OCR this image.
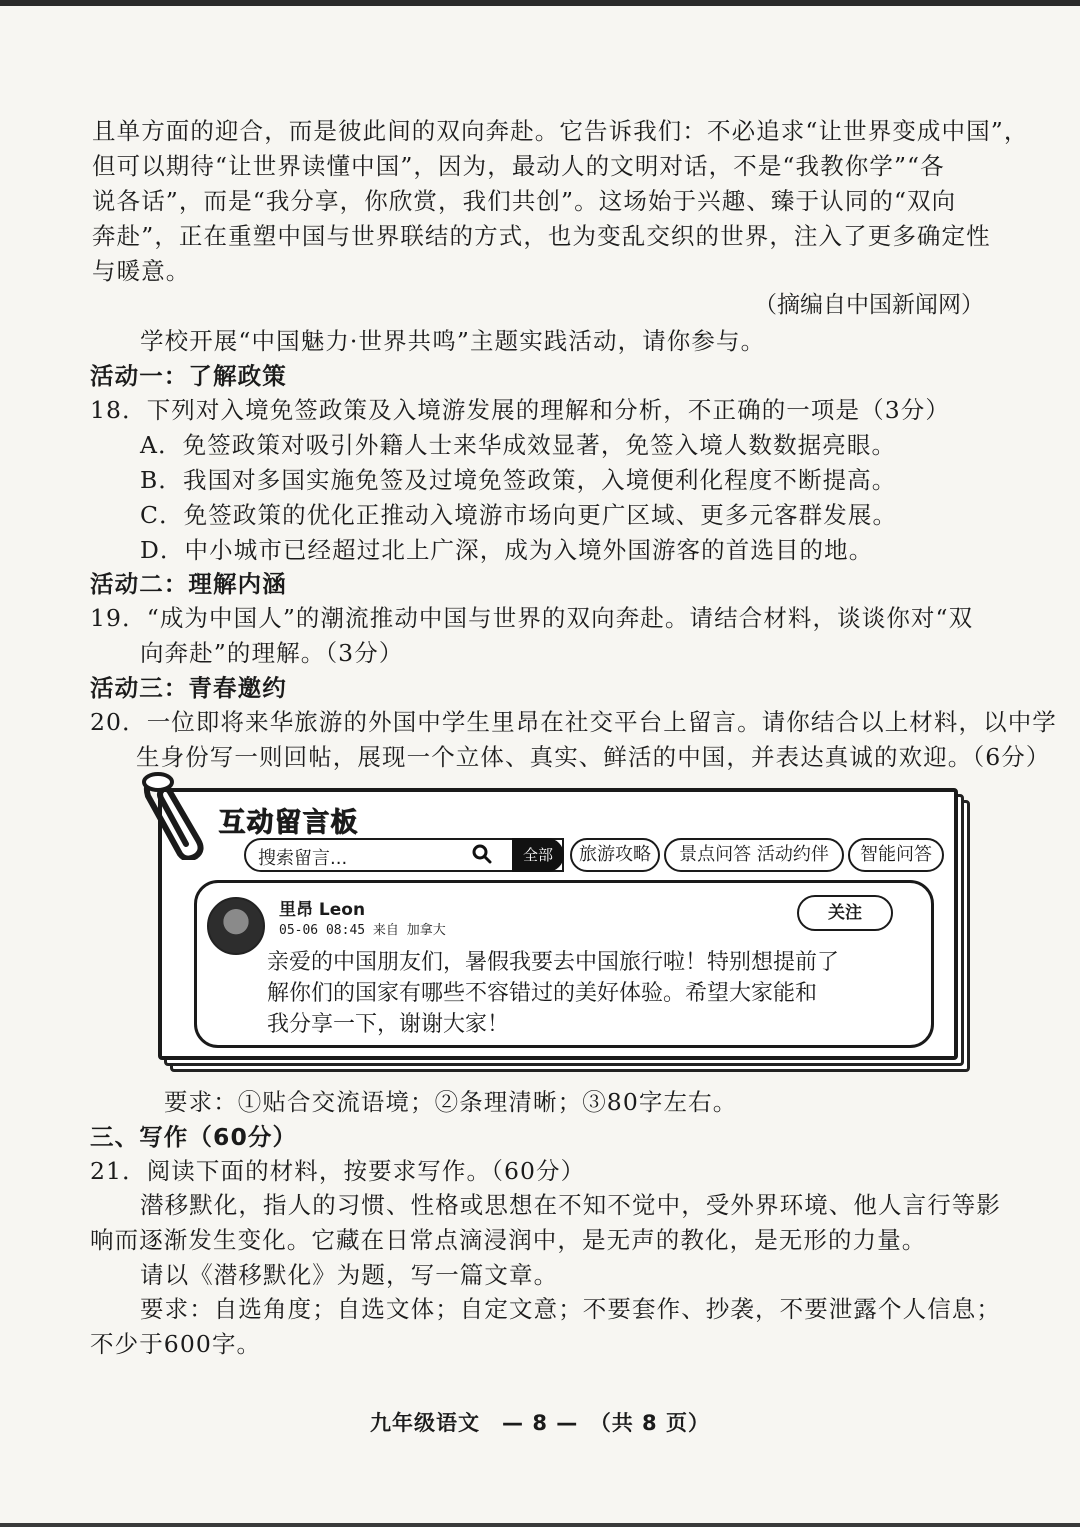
且单方面的迎合，而是彼此间的双向奔赴。它告诉我们：不必追求“让世界变成中国”，
但可以期待“让世界读懂中国”，因为，最动人的文明对话，不是“我教你学”“各
说各话”，而是“我分享，你欣赏，我们共创”。这场始于兴趣、臻于认同的“双向
奔赴”，正在重塑中国与世界联结的方式，也为变乱交织的世界，注入了更多确定性
与暖意。
（摘编自中国新闻网）
学校开展“中国魅力·世界共鸣”主题实践活动，请你参与。
活动一：了解政策
18．下列对入境免签政策及入境游发展的理解和分析，不正确的一项是（3分）
A．免签政策对吸引外籍人士来华成效显著，免签入境人数数据亮眼。
B．我国对多国实施免签及过境免签政策，入境便利化程度不断提高。
C．免签政策的优化正推动入境游市场向更广区域、更多元客群发展。
D．中小城市已经超过北上广深，成为入境外国游客的首选目的地。
活动二：理解内涵
19．“成为中国人”的潮流推动中国与世界的双向奔赴。请结合材料，谈谈你对“双
向奔赴”的理解。（3分）
活动三：青春邀约
20．一位即将来华旅游的外国中学生里昂在社交平台上留言。请你结合以上材料，以中学
生身份写一则回帖，展现一个立体、真实、鲜活的中国，并表达真诚的欢迎。（6分）
互动留言板
搜索留言...	全部	旅游攻略	景点问答 活动约伴	智能问答
里昂 Leon
05-06 08:45 来自 加拿大
关注
亲爱的中国朋友们，暑假我要去中国旅行啦！特别想提前了
解你们的国家有哪些不容错过的美好体验。希望大家能和
我分享一下，谢谢大家！
要求：①贴合交流语境；②条理清晰；③80字左右。
三、写作（60分）
21．阅读下面的材料，按要求写作。（60分）
潜移默化，指人的习惯、性格或思想在不知不觉中，受外界环境、他人言行等影
响而逐渐发生变化。它藏在日常点滴浸润中，是无声的教化，是无形的力量。
请以《潜移默化》为题，写一篇文章。
要求：自选角度；自选文体；自定文意；不要套作、抄袭，不要泄露个人信息；
不少于600字。
九年级语文　— 8 —　（共 8 页）
